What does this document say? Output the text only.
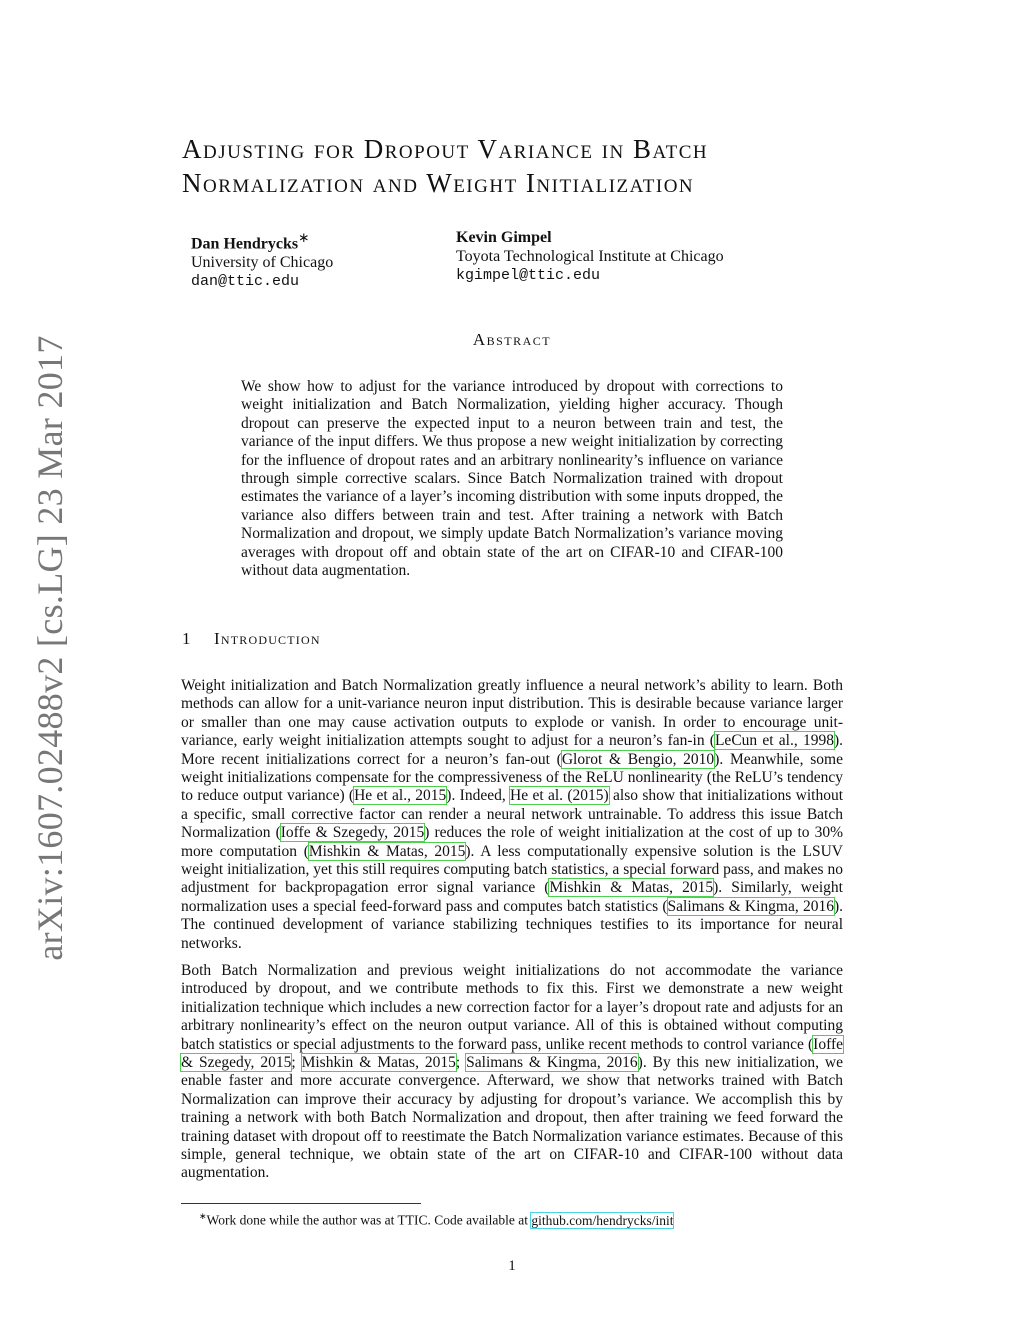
arXiv:1607.02488v2 [cs.LG] 23 Mar 2017
Adjusting for Dropout Variance in Batch
Normalization and Weight Initialization
Dan Hendrycks∗
University of Chicago
dan@ttic.edu
Kevin Gimpel
Toyota Technological Institute at Chicago
kgimpel@ttic.edu
Abstract
We show how to adjust for the variance introduced by dropout with corrections to weight initialization and Batch Normalization, yielding higher accuracy. Though dropout can preserve the expected input to a neuron between train and test, the variance of the input differs. We thus propose a new weight initialization by correcting for the influence of dropout rates and an arbitrary nonlinearity’s influence on variance through simple corrective scalars. Since Batch Normalization trained with dropout estimates the variance of a layer’s incoming distribution with some inputs dropped, the variance also differs between train and test. After training a network with Batch Normalization and dropout, we simply update Batch Normalization’s variance moving averages with dropout off and obtain state of the art on CIFAR-10 and CIFAR-100 without data augmentation.
1 Introduction
Weight initialization and Batch Normalization greatly influence a neural network’s ability to learn. Both methods can allow for a unit-variance neuron input distribution. This is desirable because variance larger or smaller than one may cause activation outputs to explode or vanish. In order to encourage unit-variance, early weight initialization attempts sought to adjust for a neuron’s fan-in (LeCun et al., 1998). More recent initializations correct for a neuron’s fan-out (Glorot & Bengio, 2010). Meanwhile, some weight initializations compensate for the compressiveness of the ReLU nonlinearity (the ReLU’s tendency to reduce output variance) (He et al., 2015). Indeed, He et al. (2015) also show that initializations without a specific, small corrective factor can render a neural network untrainable. To address this issue Batch Normalization (Ioffe & Szegedy, 2015) reduces the role of weight initialization at the cost of up to 30% more computation (Mishkin & Matas, 2015). A less computationally expensive solution is the LSUV weight initialization, yet this still requires computing batch statistics, a special forward pass, and makes no adjustment for backpropagation error signal variance (Mishkin & Matas, 2015). Similarly, weight normalization uses a special feed-forward pass and computes batch statistics (Salimans & Kingma, 2016). The continued development of variance stabilizing techniques testifies to its importance for neural networks.
Both Batch Normalization and previous weight initializations do not accommodate the variance introduced by dropout, and we contribute methods to fix this. First we demonstrate a new weight initialization technique which includes a new correction factor for a layer’s dropout rate and adjusts for an arbitrary nonlinearity’s effect on the neuron output variance. All of this is obtained without computing batch statistics or special adjustments to the forward pass, unlike recent methods to control variance (Ioffe & Szegedy, 2015; Mishkin & Matas, 2015; Salimans & Kingma, 2016). By this new initialization, we enable faster and more accurate convergence. Afterward, we show that networks trained with Batch Normalization can improve their accuracy by adjusting for dropout’s variance. We accomplish this by training a network with both Batch Normalization and dropout, then after training we feed forward the training dataset with dropout off to reestimate the Batch Normalization variance estimates. Because of this simple, general technique, we obtain state of the art on CIFAR-10 and CIFAR-100 without data augmentation.
∗Work done while the author was at TTIC. Code available at github.com/hendrycks/init
1
